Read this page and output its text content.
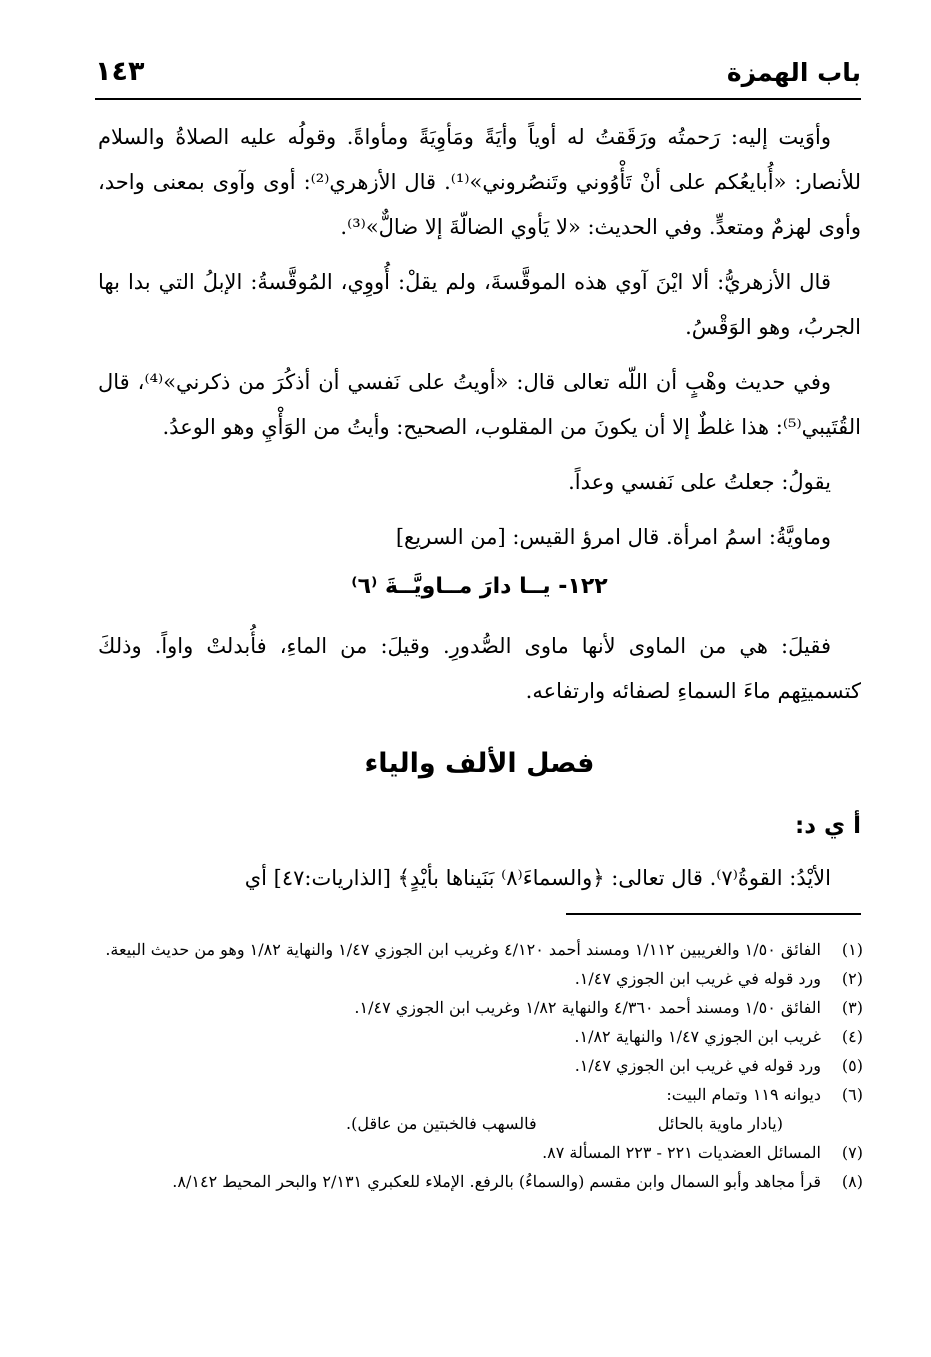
باب الهمزة
١٤٣

وأوَيت إليه: رَحمتُه ورَقَقتُ له أوياً وأيَةً ومَأوِيَةً ومأواةً. وقولُه عليه الصلاةُ والسلام للأنصار: «أُبايعُكم على أنْ تَأْوُوني وتَنصُروني»⁽¹⁾. قال الأزهري⁽²⁾: أوى وآوى بمعنى واحد، وأوى لهزمٌ ومتعدٍّ. وفي الحديث: «لا يَأوي الضالّةَ إلا ضالٌّ»⁽³⁾.

قال الأزهريُّ: ألا ايْنَ آوي هذه الموقَّسةَ، ولم يقلْ: أُووِي، المُوقَّسةُ: الإبلُ التي بدا بها الجربُ، وهو الوَقْسُ.

وفي حديث وهْبٍ أن اللّه تعالى قال: «أويتُ على نَفسي أن أذكُرَ من ذكرني»⁽⁴⁾، قال القُتَيبي⁽⁵⁾: هذا غلطٌ إلا أن يكونَ من المقلوب، الصحيح: وأيتُ من الوَأْيِ وهو الوعدُ.

يقولُ: جعلتُ على نَفسي وعداً.

وماويَّةُ: اسمُ امرأة. قال امرؤ القيس: [من السريع]

١٢٢- يــا دارَ مــاويَّــةَ ⁽٦⁾

فقيلَ: هي من الماوى لأنها ماوى الصُّدورِ. وقيلَ: من الماءِ، فأُبدلتْ واواً. وذلكَ كتسميتِهم ماءَ السماءِ لصفائه وارتفاعه.

فصل الألف والياء
أ ي د:

الأيْدُ: القوةُ⁽٧⁾. قال تعالى: ﴿والسماءَ⁽٨⁾ بَنَيناها بأيْدٍ﴾ [الذاريات:٤٧] أي

(١)
الفائق ١/٥٠ والغريبين ١/١١٢ ومسند أحمد ٤/١٢٠ وغريب ابن الجوزي ١/٤٧ والنهاية ١/٨٢ وهو من حديث البيعة.
(٢)
ورد قوله في غريب ابن الجوزي ١/٤٧.
(٣)
الفائق ١/٥٠ ومسند أحمد ٤/٣٦٠ والنهاية ١/٨٢ وغريب ابن الجوزي ١/٤٧.
(٤)
غريب ابن الجوزي ١/٤٧ والنهاية ١/٨٢.
(٥)
ورد قوله في غريب ابن الجوزي ١/٤٧.
(٦)
ديوانه ١١٩ وتمام البيت:
(يادار ماوية بالحائل
فالسهب فالخبتين من عاقل).
(٧)
المسائل العضديات ٢٢١ - ٢٢٣ المسألة ٨٧.
(٨)
قرأ مجاهد وأبو السمال وابن مقسم (والسماءُ) بالرفع. الإملاء للعكبري ٢/١٣١ والبحر المحيط ٨/١٤٢.
